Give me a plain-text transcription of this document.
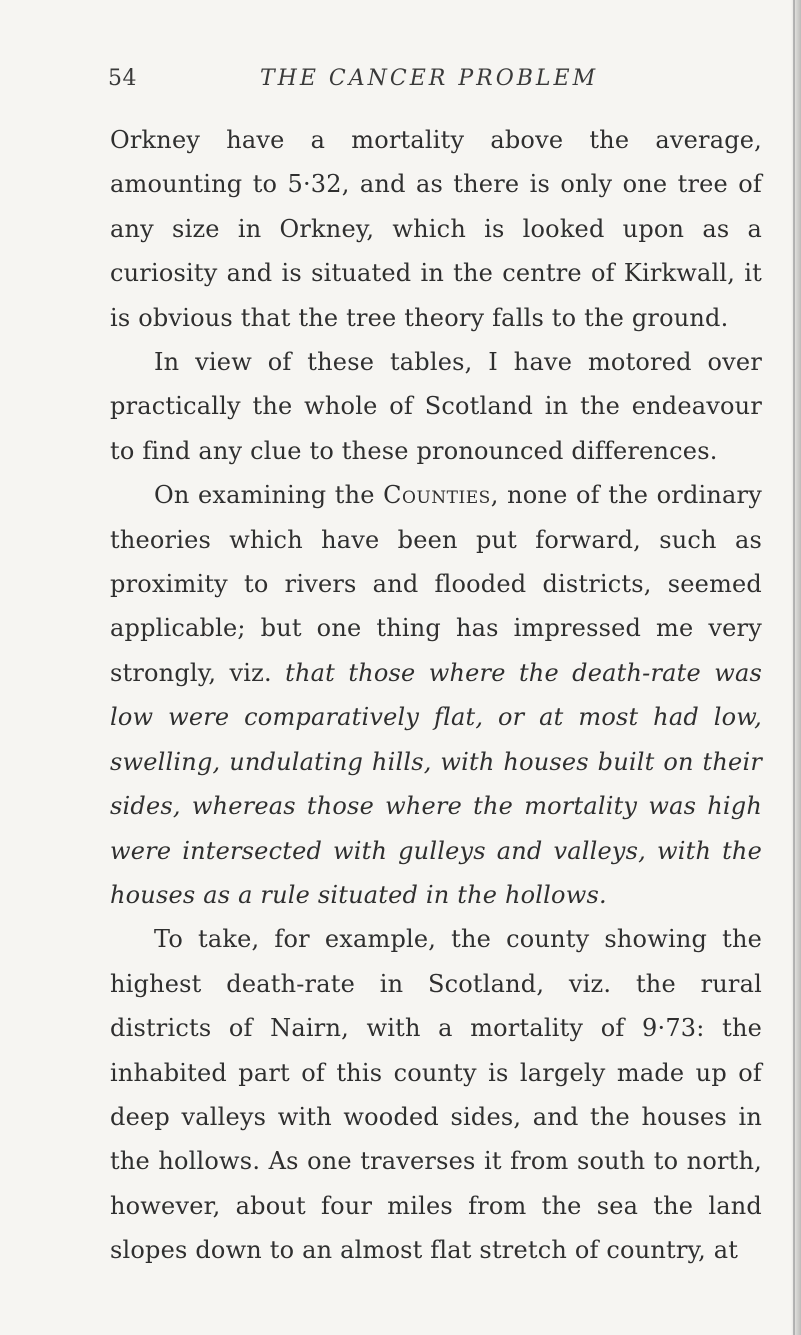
54	THE CANCER PROBLEM

Orkney have a mortality above the average, amounting to 5·32, and as there is only one tree of any size in Orkney, which is looked upon as a curiosity and is situated in the centre of Kirkwall, it is obvious that the tree theory falls to the ground.

In view of these tables, I have motored over practically the whole of Scotland in the endeavour to find any clue to these pronounced differences.

On examining the Counties, none of the ordinary theories which have been put forward, such as proximity to rivers and flooded districts, seemed applicable; but one thing has impressed me very strongly, viz. that those where the death-rate was low were comparatively flat, or at most had low, swelling, undulating hills, with houses built on their sides, whereas those where the mortality was high were intersected with gulleys and valleys, with the houses as a rule situated in the hollows.

To take, for example, the county showing the highest death-rate in Scotland, viz. the rural districts of Nairn, with a mortality of 9·73: the inhabited part of this county is largely made up of deep valleys with wooded sides, and the houses in the hollows. As one traverses it from south to north, however, about four miles from the sea the land slopes down to an almost flat stretch of country, at
